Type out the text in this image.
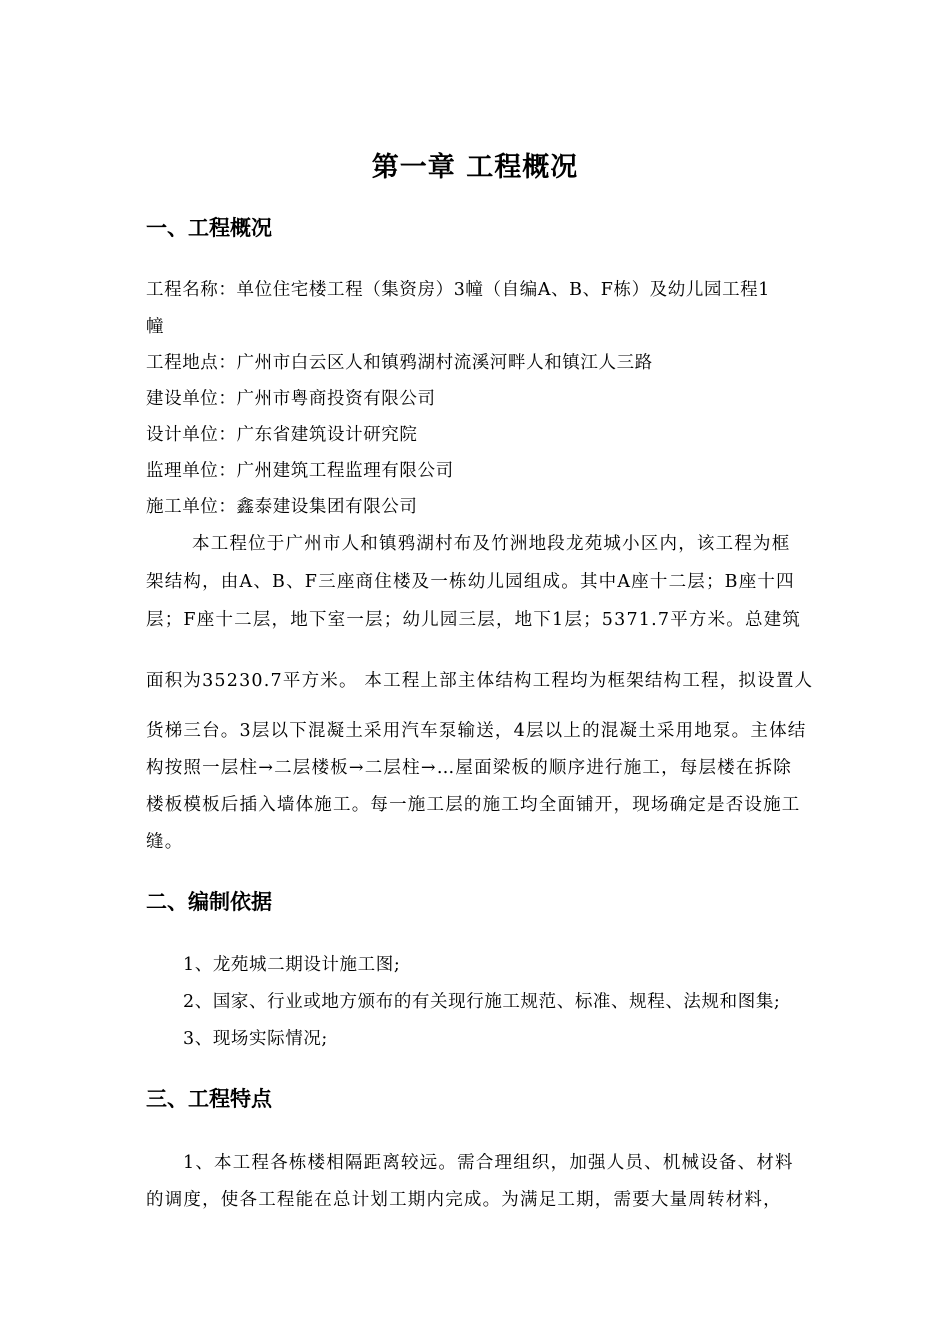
第一章 工程概况
一、工程概况
工程名称：单位住宅楼工程（集资房）3幢（自编A、B、F栋）及幼儿园工程1
幢
工程地点：广州市白云区人和镇鸦湖村流溪河畔人和镇江人三路
建设单位：广州市粤商投资有限公司
设计单位：广东省建筑设计研究院
监理单位：广州建筑工程监理有限公司
施工单位：鑫泰建设集团有限公司
本工程位于广州市人和镇鸦湖村布及竹洲地段龙苑城小区内，该工程为框
架结构，由A、B、F三座商住楼及一栋幼儿园组成。其中A座十二层；B座十四
层；F座十二层，地下室一层；幼儿园三层，地下1层；5371.7平方米。总建筑
面积为35230.7平方米。 本工程上部主体结构工程均为框架结构工程，拟设置人
货梯三台。3层以下混凝土采用汽车泵输送，4层以上的混凝土采用地泵。主体结
构按照一层柱→二层楼板→二层柱→…屋面梁板的顺序进行施工，每层楼在拆除
楼板模板后插入墙体施工。每一施工层的施工均全面铺开，现场确定是否设施工
缝。
二、编制依据
1、龙苑城二期设计施工图;
2、国家、行业或地方颁布的有关现行施工规范、标准、规程、法规和图集;
3、现场实际情况;
三、工程特点
1、本工程各栋楼相隔距离较远。需合理组织，加强人员、机械设备、材料
的调度，使各工程能在总计划工期内完成。为满足工期，需要大量周转材料，
